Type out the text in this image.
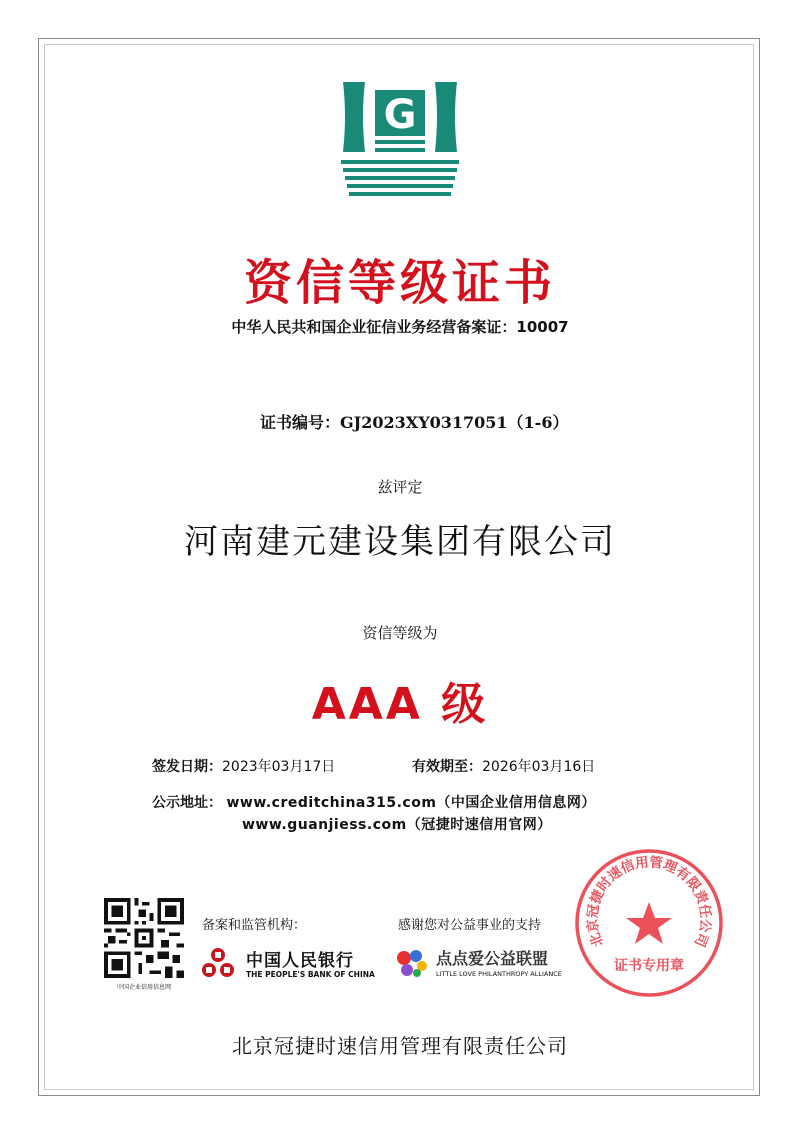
G
资信等级证书
中华人民共和国企业征信业务经营备案证：10007
证书编号：GJ2023XY0317051（1-6）
兹评定
河南建元建设集团有限公司
资信等级为
AAA 级
签发日期：2023年03月17日	有效期至：2026年03月16日
公示地址： www.creditchina315.com（中国企业信用信息网）
www.guanjiess.com（冠捷时速信用官网）
中国企业信用信息网
备案和监管机构：	感谢您对公益事业的支持
中国人民银行
THE PEOPLE'S BANK OF CHINA
点点爱公益联盟
LITTLE LOVE PHILANTHROPY ALLIANCE
北京冠捷时速信用管理有限责任公司
证书专用章
北京冠捷时速信用管理有限责任公司
